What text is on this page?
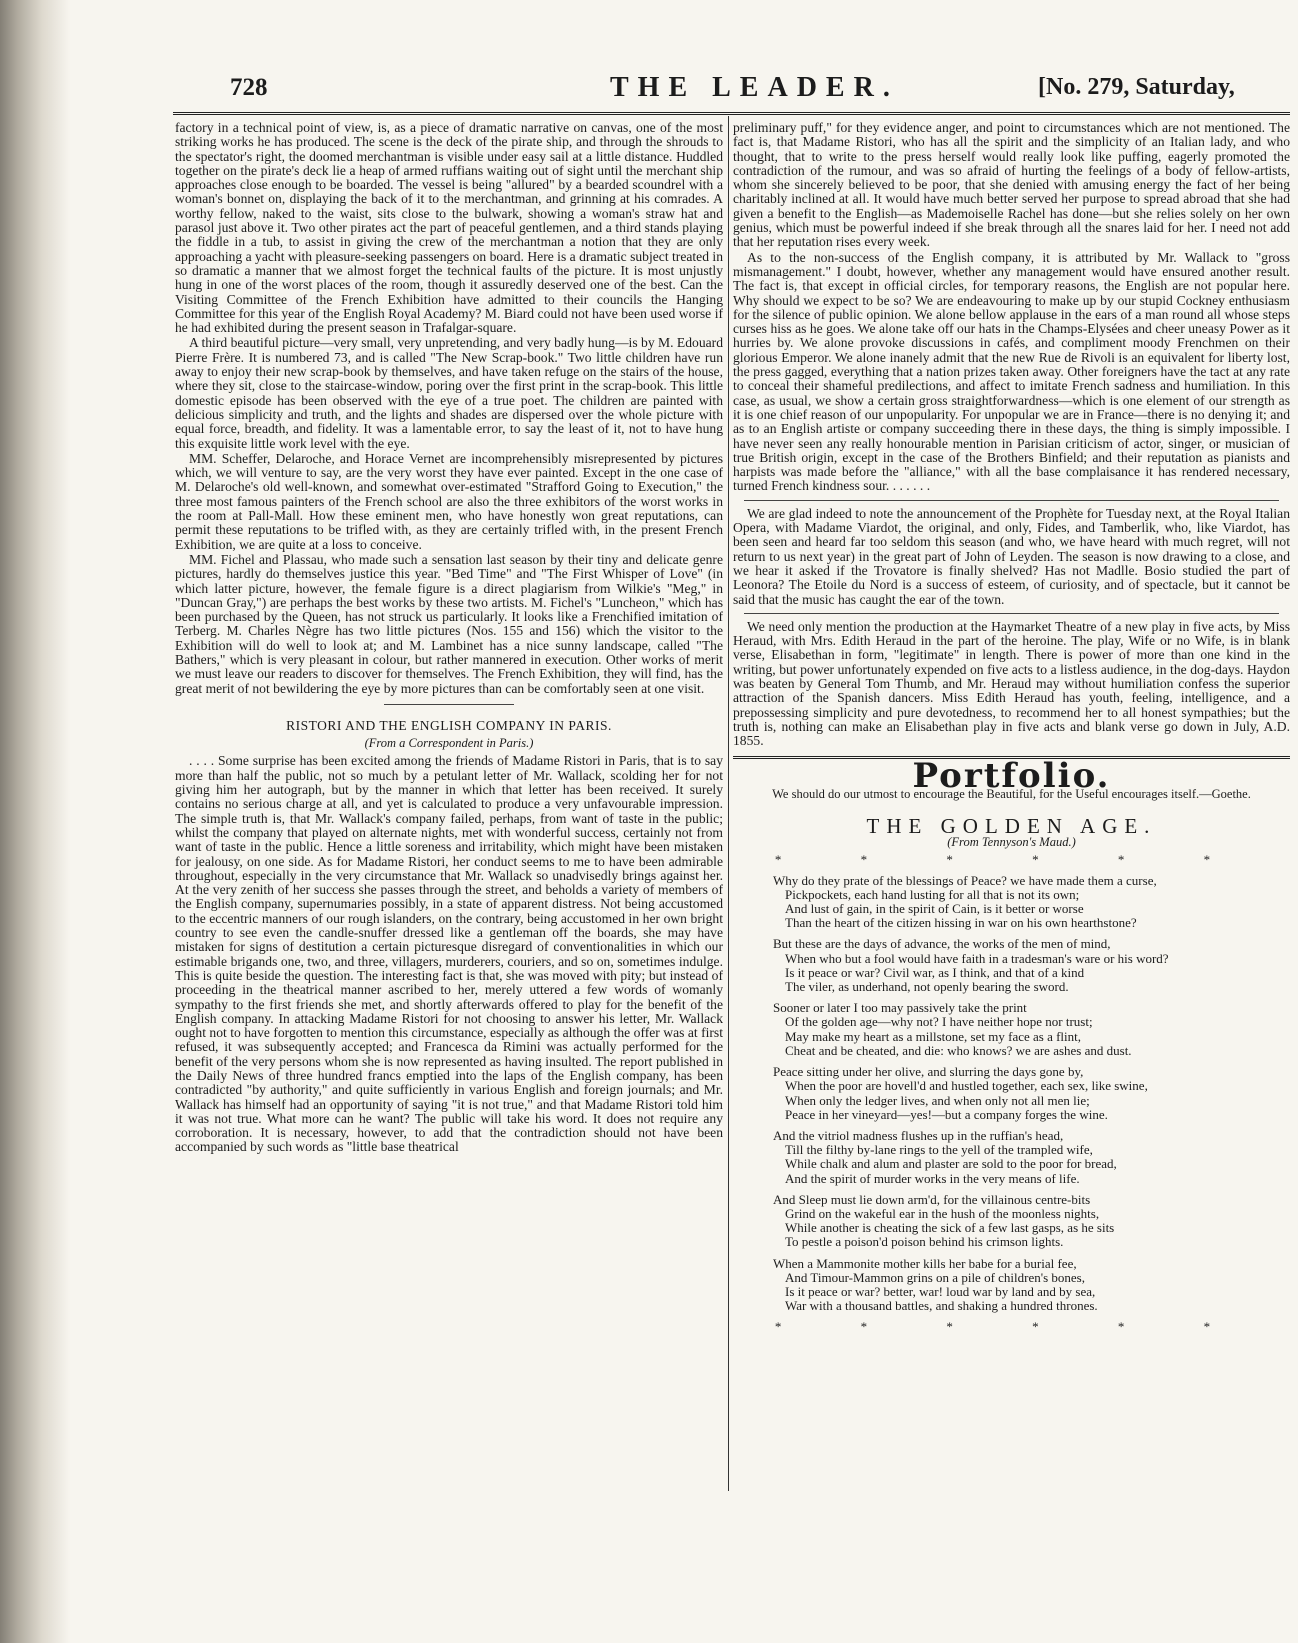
728	THE LEADER.	[No. 279, Saturday,

factory in a technical point of view, is, as a piece of dramatic narrative on canvas, one of the most striking works he has produced. The scene is the deck of the pirate ship, and through the shrouds to the spectator's right, the doomed merchantman is visible under easy sail at a little distance. Huddled together on the pirate's deck lie a heap of armed ruffians waiting out of sight until the merchant ship approaches close enough to be boarded. The vessel is being "allured" by a bearded scoundrel with a woman's bonnet on, displaying the back of it to the merchantman, and grinning at his comrades. A worthy fellow, naked to the waist, sits close to the bulwark, showing a woman's straw hat and parasol just above it. Two other pirates act the part of peaceful gentlemen, and a third stands playing the fiddle in a tub, to assist in giving the crew of the merchantman a notion that they are only approaching a yacht with pleasure-seeking passengers on board. Here is a dramatic subject treated in so dramatic a manner that we almost forget the technical faults of the picture. It is most unjustly hung in one of the worst places of the room, though it assuredly deserved one of the best. Can the Visiting Committee of the French Exhibition have admitted to their councils the Hanging Committee for this year of the English Royal Academy? M. Biard could not have been used worse if he had exhibited during the present season in Trafalgar-square.

A third beautiful picture—very small, very unpretending, and very badly hung—is by M. Edouard Pierre Frère. It is numbered 73, and is called "The New Scrap-book." Two little children have run away to enjoy their new scrap-book by themselves, and have taken refuge on the stairs of the house, where they sit, close to the staircase-window, poring over the first print in the scrap-book. This little domestic episode has been observed with the eye of a true poet. The children are painted with delicious simplicity and truth, and the lights and shades are dispersed over the whole picture with equal force, breadth, and fidelity. It was a lamentable error, to say the least of it, not to have hung this exquisite little work level with the eye.

MM. Scheffer, Delaroche, and Horace Vernet are incomprehensibly misrepresented by pictures which, we will venture to say, are the very worst they have ever painted. Except in the one case of M. Delaroche's old well-known, and somewhat over-estimated "Strafford Going to Execution," the three most famous painters of the French school are also the three exhibitors of the worst works in the room at Pall-Mall. How these eminent men, who have honestly won great reputations, can permit these reputations to be trifled with, as they are certainly trifled with, in the present French Exhibition, we are quite at a loss to conceive.

MM. Fichel and Plassau, who made such a sensation last season by their tiny and delicate genre pictures, hardly do themselves justice this year. "Bed Time" and "The First Whisper of Love" (in which latter picture, however, the female figure is a direct plagiarism from Wilkie's "Meg," in "Duncan Gray,") are perhaps the best works by these two artists. M. Fichel's "Luncheon," which has been purchased by the Queen, has not struck us particularly. It looks like a Frenchified imitation of Terberg. M. Charles Nègre has two little pictures (Nos. 155 and 156) which the visitor to the Exhibition will do well to look at; and M. Lambinet has a nice sunny landscape, called "The Bathers," which is very pleasant in colour, but rather mannered in execution. Other works of merit we must leave our readers to discover for themselves. The French Exhibition, they will find, has the great merit of not bewildering the eye by more pictures than can be comfortably seen at one visit.

RISTORI AND THE ENGLISH COMPANY IN PARIS.
(From a Correspondent in Paris.)

. . . . Some surprise has been excited among the friends of Madame Ristori in Paris, that is to say more than half the public, not so much by a petulant letter of Mr. Wallack, scolding her for not giving him her autograph, but by the manner in which that letter has been received. It surely contains no serious charge at all, and yet is calculated to produce a very unfavourable impression. The simple truth is, that Mr. Wallack's company failed, perhaps, from want of taste in the public; whilst the company that played on alternate nights, met with wonderful success, certainly not from want of taste in the public. Hence a little soreness and irritability, which might have been mistaken for jealousy, on one side. As for Madame Ristori, her conduct seems to me to have been admirable throughout, especially in the very circumstance that Mr. Wallack so unadvisedly brings against her. At the very zenith of her success she passes through the street, and beholds a variety of members of the English company, supernumaries possibly, in a state of apparent distress. Not being accustomed to the eccentric manners of our rough islanders, on the contrary, being accustomed in her own bright country to see even the candle-snuffer dressed like a gentleman off the boards, she may have mistaken for signs of destitution a certain picturesque disregard of conventionalities in which our estimable brigands one, two, and three, villagers, murderers, couriers, and so on, sometimes indulge. This is quite beside the question. The interesting fact is that, she was moved with pity; but instead of proceeding in the theatrical manner ascribed to her, merely uttered a few words of womanly sympathy to the first friends she met, and shortly afterwards offered to play for the benefit of the English company. In attacking Madame Ristori for not choosing to answer his letter, Mr. Wallack ought not to have forgotten to mention this circumstance, especially as although the offer was at first refused, it was subsequently accepted; and Francesca da Rimini was actually performed for the benefit of the very persons whom she is now represented as having insulted. The report published in the Daily News of three hundred francs emptied into the laps of the English company, has been contradicted "by authority," and quite sufficiently in various English and foreign journals; and Mr. Wallack has himself had an opportunity of saying "it is not true," and that Madame Ristori told him it was not true. What more can he want? The public will take his word. It does not require any corroboration. It is necessary, however, to add that the contradiction should not have been accompanied by such words as "little base theatrical

preliminary puff," for they evidence anger, and point to circumstances which are not mentioned. The fact is, that Madame Ristori, who has all the spirit and the simplicity of an Italian lady, and who thought, that to write to the press herself would really look like puffing, eagerly promoted the contradiction of the rumour, and was so afraid of hurting the feelings of a body of fellow-artists, whom she sincerely believed to be poor, that she denied with amusing energy the fact of her being charitably inclined at all. It would have much better served her purpose to spread abroad that she had given a benefit to the English—as Mademoiselle Rachel has done—but she relies solely on her own genius, which must be powerful indeed if she break through all the snares laid for her. I need not add that her reputation rises every week.

As to the non-success of the English company, it is attributed by Mr. Wallack to "gross mismanagement." I doubt, however, whether any management would have ensured another result. The fact is, that except in official circles, for temporary reasons, the English are not popular here. Why should we expect to be so? We are endeavouring to make up by our stupid Cockney enthusiasm for the silence of public opinion. We alone bellow applause in the ears of a man round all whose steps curses hiss as he goes. We alone take off our hats in the Champs-Elysées and cheer uneasy Power as it hurries by. We alone provoke discussions in cafés, and compliment moody Frenchmen on their glorious Emperor. We alone inanely admit that the new Rue de Rivoli is an equivalent for liberty lost, the press gagged, everything that a nation prizes taken away. Other foreigners have the tact at any rate to conceal their shameful predilections, and affect to imitate French sadness and humiliation. In this case, as usual, we show a certain gross straightforwardness—which is one element of our strength as it is one chief reason of our unpopularity. For unpopular we are in France—there is no denying it; and as to an English artiste or company succeeding there in these days, the thing is simply impossible. I have never seen any really honourable mention in Parisian criticism of actor, singer, or musician of true British origin, except in the case of the Brothers Binfield; and their reputation as pianists and harpists was made before the "alliance," with all the base complaisance it has rendered necessary, turned French kindness sour. . . . . . .

We are glad indeed to note the announcement of the Prophète for Tuesday next, at the Royal Italian Opera, with Madame Viardot, the original, and only, Fides, and Tamberlik, who, like Viardot, has been seen and heard far too seldom this season (and who, we have heard with much regret, will not return to us next year) in the great part of John of Leyden. The season is now drawing to a close, and we hear it asked if the Trovatore is finally shelved? Has not Madlle. Bosio studied the part of Leonora? The Etoile du Nord is a success of esteem, of curiosity, and of spectacle, but it cannot be said that the music has caught the ear of the town.

We need only mention the production at the Haymarket Theatre of a new play in five acts, by Miss Heraud, with Mrs. Edith Heraud in the part of the heroine. The play, Wife or no Wife, is in blank verse, Elisabethan in form, "legitimate" in length. There is power of more than one kind in the writing, but power unfortunately expended on five acts to a listless audience, in the dog-days. Haydon was beaten by General Tom Thumb, and Mr. Heraud may without humiliation confess the superior attraction of the Spanish dancers. Miss Edith Heraud has youth, feeling, intelligence, and a prepossessing simplicity and pure devotedness, to recommend her to all honest sympathies; but the truth is, nothing can make an Elisabethan play in five acts and blank verse go down in July, A.D. 1855.

Portfolio.
We should do our utmost to encourage the Beautiful, for the Useful encourages itself.—Goethe.
THE GOLDEN AGE.
(From Tennyson's Maud.)
* * * * * *
Why do they prate of the blessings of Peace? we have made them a curse,
Pickpockets, each hand lusting for all that is not its own;
And lust of gain, in the spirit of Cain, is it better or worse
Than the heart of the citizen hissing in war on his own hearthstone?
But these are the days of advance, the works of the men of mind,
When who but a fool would have faith in a tradesman's ware or his word?
Is it peace or war? Civil war, as I think, and that of a kind
The viler, as underhand, not openly bearing the sword.
Sooner or later I too may passively take the print
Of the golden age—why not? I have neither hope nor trust;
May make my heart as a millstone, set my face as a flint,
Cheat and be cheated, and die: who knows? we are ashes and dust.
Peace sitting under her olive, and slurring the days gone by,
When the poor are hovell'd and hustled together, each sex, like swine,
When only the ledger lives, and when only not all men lie;
Peace in her vineyard—yes!—but a company forges the wine.
And the vitriol madness flushes up in the ruffian's head,
Till the filthy by-lane rings to the yell of the trampled wife,
While chalk and alum and plaster are sold to the poor for bread,
And the spirit of murder works in the very means of life.
And Sleep must lie down arm'd, for the villainous centre-bits
Grind on the wakeful ear in the hush of the moonless nights,
While another is cheating the sick of a few last gasps, as he sits
To pestle a poison'd poison behind his crimson lights.
When a Mammonite mother kills her babe for a burial fee,
And Timour-Mammon grins on a pile of children's bones,
Is it peace or war? better, war! loud war by land and by sea,
War with a thousand battles, and shaking a hundred thrones.
* * * * * *
